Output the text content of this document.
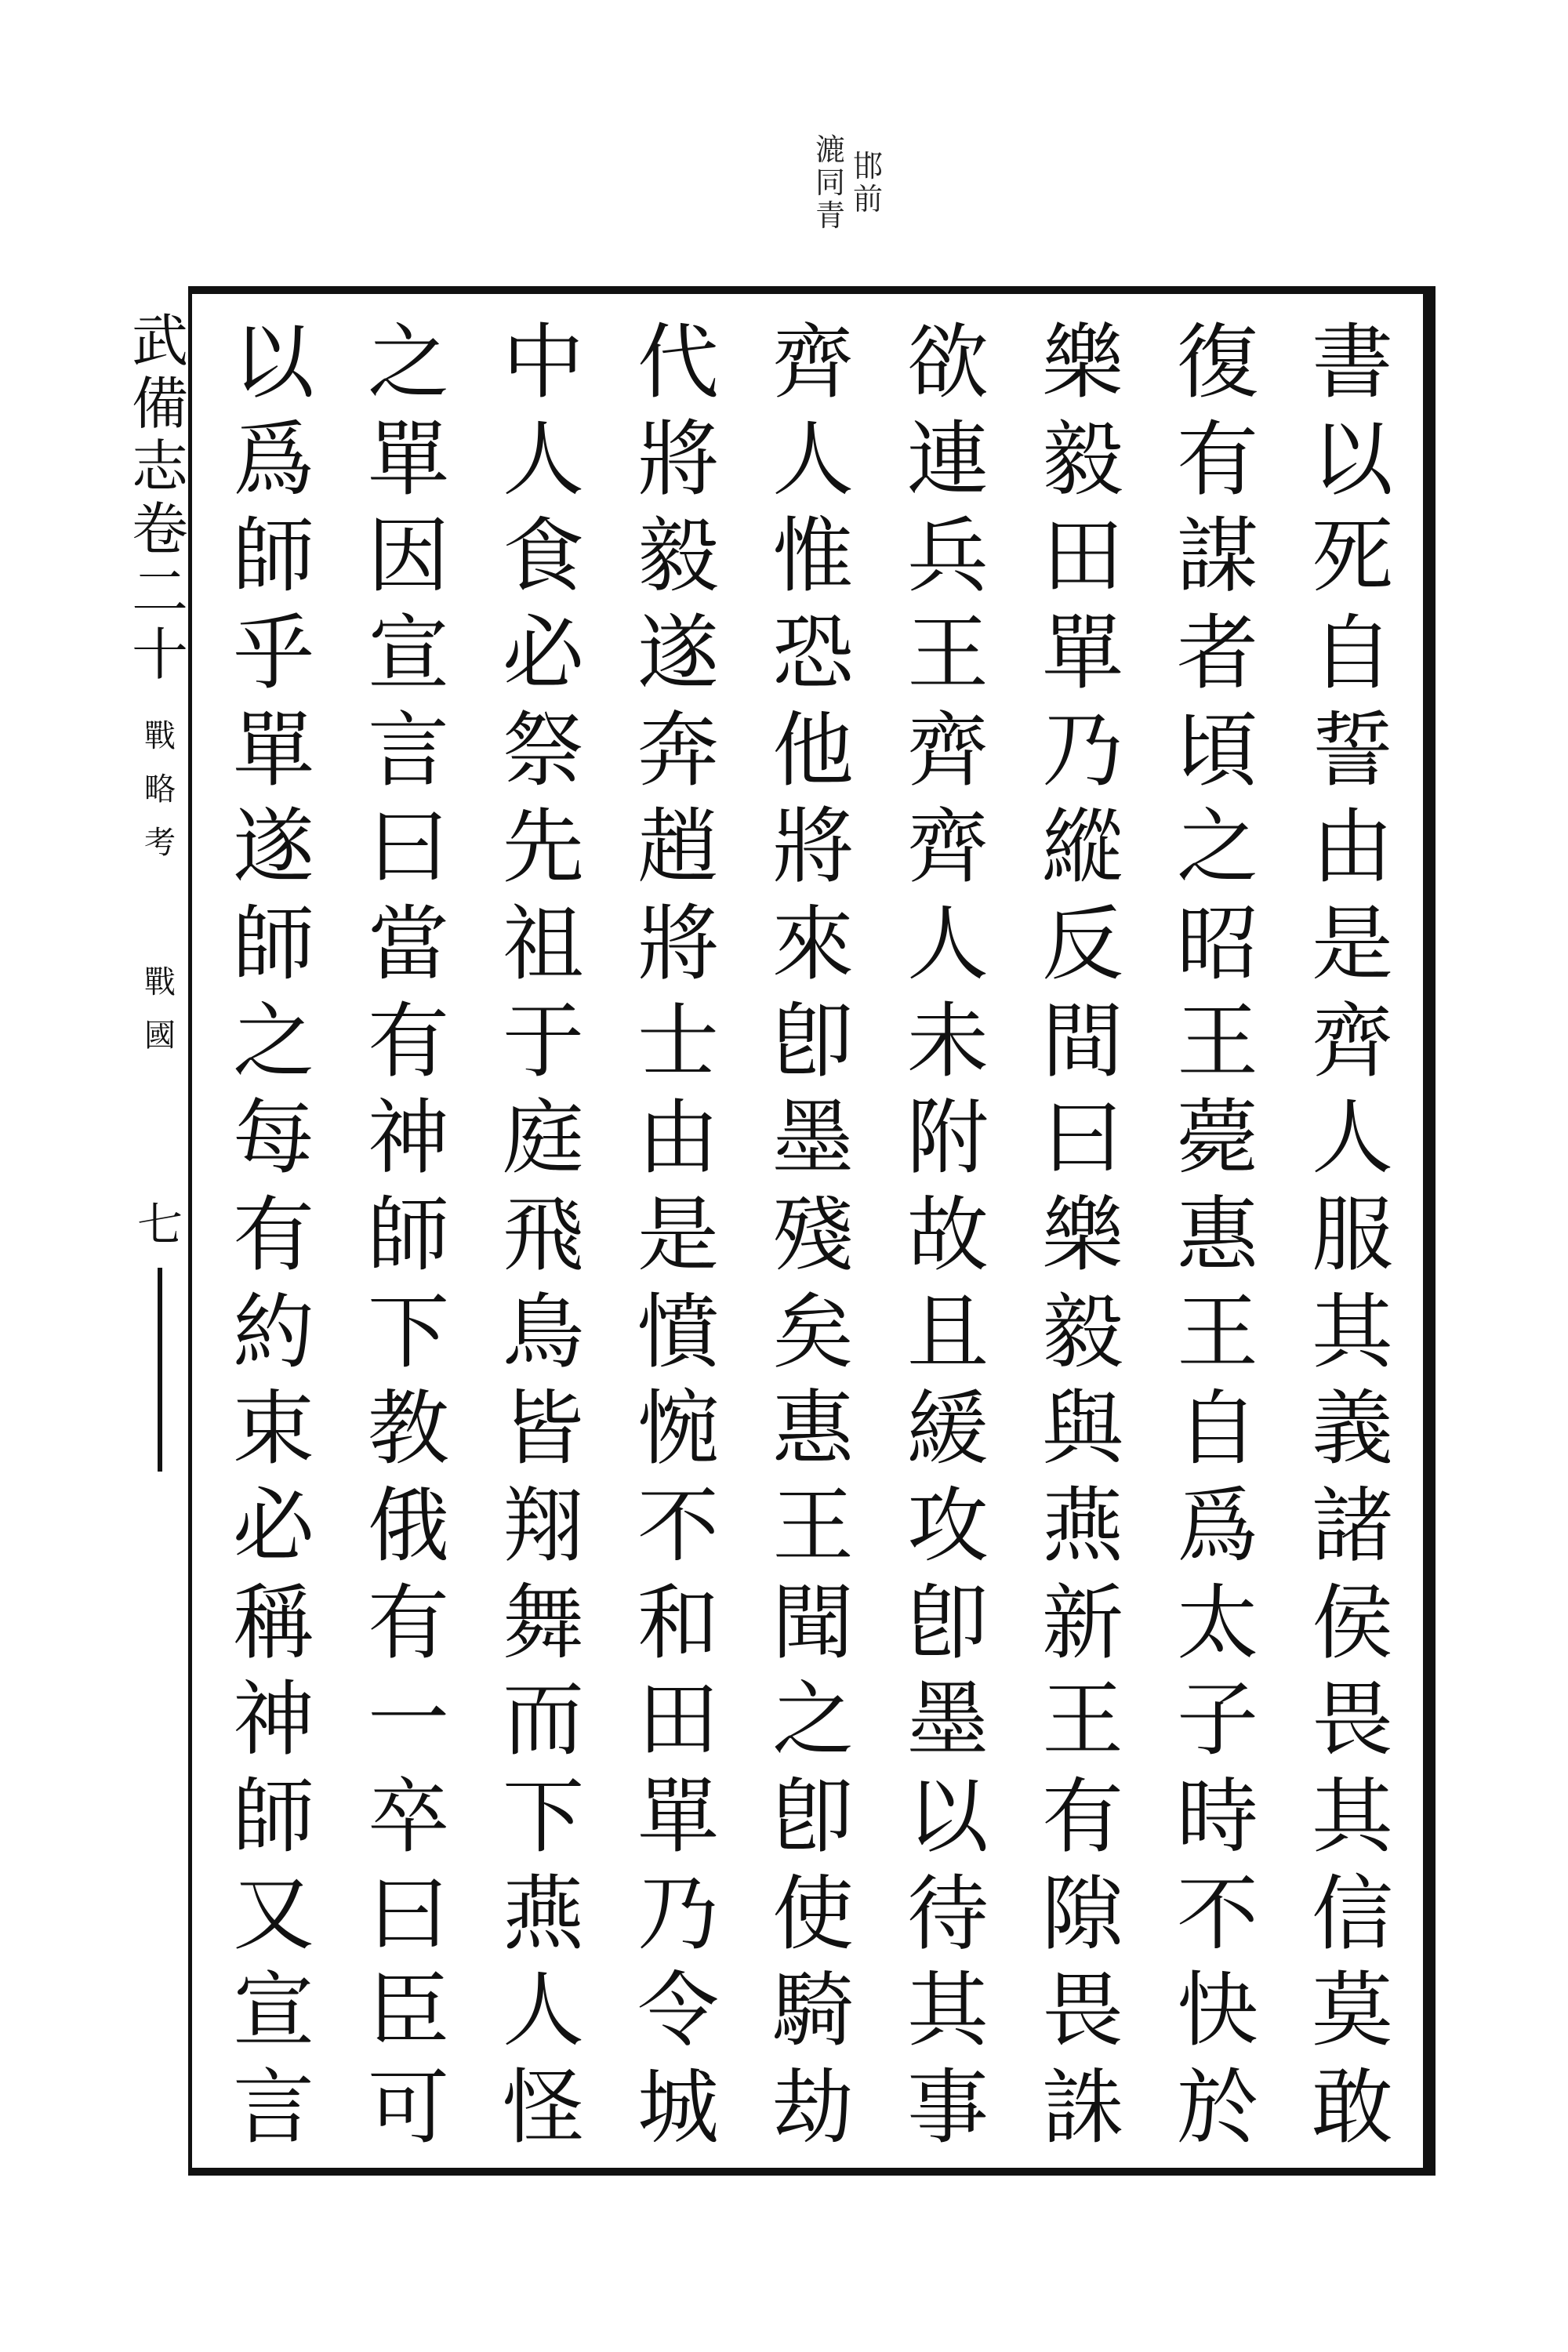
邯
前
漉
同
青
書
以
死
自
誓
由
是
齊
人
服
其
義
諸
侯
畏
其
信
莫
敢
復
有
謀
者
頃
之
昭
王
薨
惠
王
自
爲
太
子
時
不
快
於
樂
毅
田
單
乃
縱
反
間
曰
樂
毅
與
燕
新
王
有
隙
畏
誅
欲
連
兵
王
齊
齊
人
未
附
故
且
緩
攻
卽
墨
以
待
其
事
齊
人
惟
恐
他
將
來
卽
墨
殘
矣
惠
王
聞
之
卽
使
騎
劫
代
將
毅
遂
奔
趙
將
士
由
是
憤
惋
不
和
田
單
乃
令
城
中
人
食
必
祭
先
祖
于
庭
飛
鳥
皆
翔
舞
而
下
燕
人
怪
之
單
因
宣
言
曰
當
有
神
師
下
教
俄
有
一
卒
曰
臣
可
以
爲
師
乎
單
遂
師
之
每
有
約
束
必
稱
神
師
又
宣
言
武
備
志
卷
二
十
戰
略
考
戰
國
七
